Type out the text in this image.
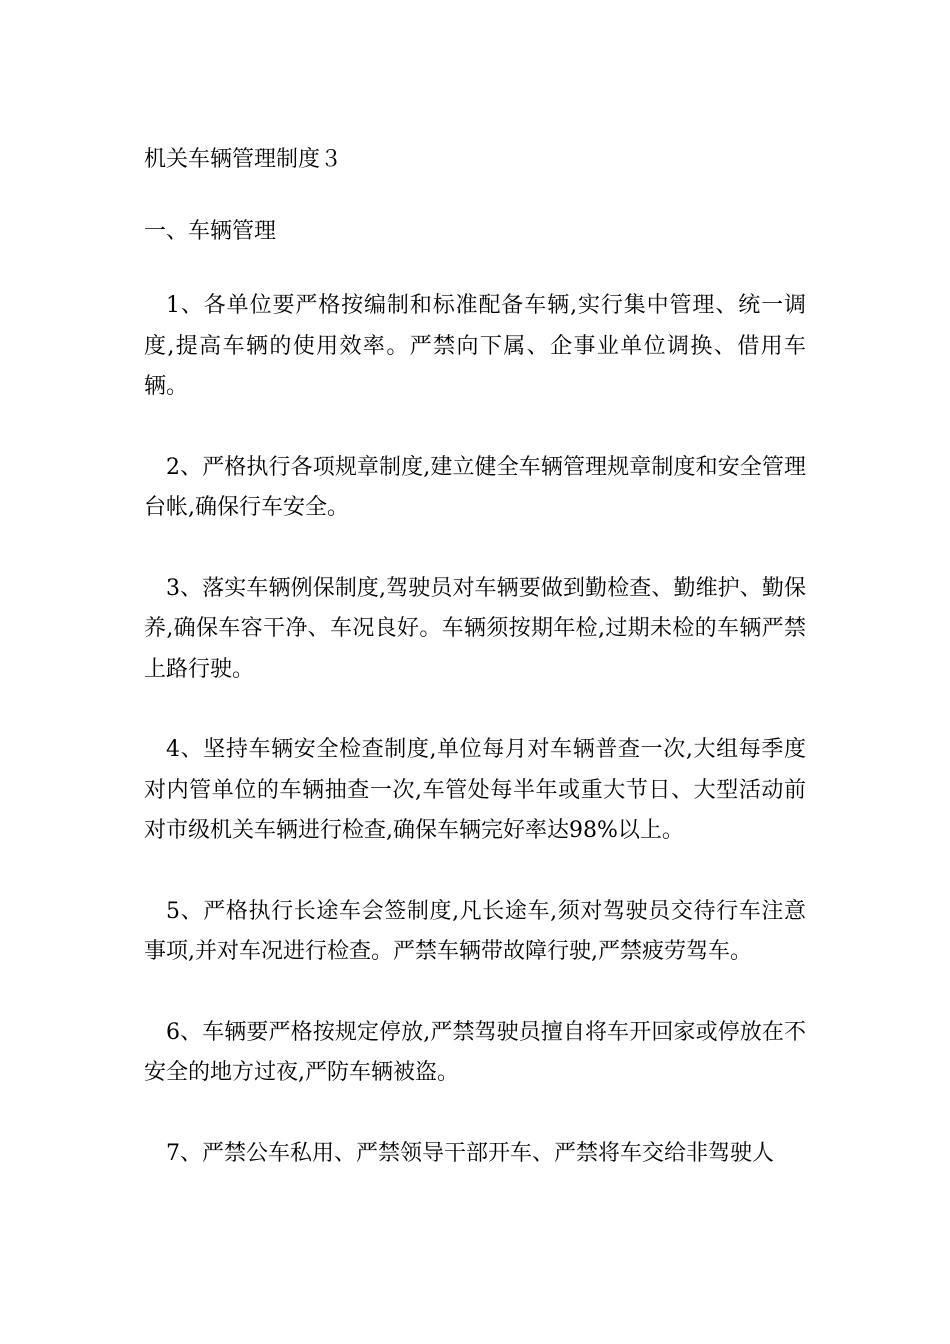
机关车辆管理制度３
一、车辆管理

1、各单位要严格按编制和标准配备车辆,实行集中管理、统一调度,提高车辆的使用效率。严禁向下属、企事业单位调换、借用车辆。

2、严格执行各项规章制度,建立健全车辆管理规章制度和安全管理台帐,确保行车安全。

3、落实车辆例保制度,驾驶员对车辆要做到勤检查、勤维护、勤保养,确保车容干净、车况良好。车辆须按期年检,过期未检的车辆严禁上路行驶。

4、坚持车辆安全检查制度,单位每月对车辆普查一次,大组每季度对内管单位的车辆抽查一次,车管处每半年或重大节日、大型活动前对市级机关车辆进行检查,确保车辆完好率达98%以上。

5、严格执行长途车会签制度,凡长途车,须对驾驶员交待行车注意事项,并对车况进行检查。严禁车辆带故障行驶,严禁疲劳驾车。

6、车辆要严格按规定停放,严禁驾驶员擅自将车开回家或停放在不安全的地方过夜,严防车辆被盗。

7、严禁公车私用、严禁领导干部开车、严禁将车交给非驾驶人
